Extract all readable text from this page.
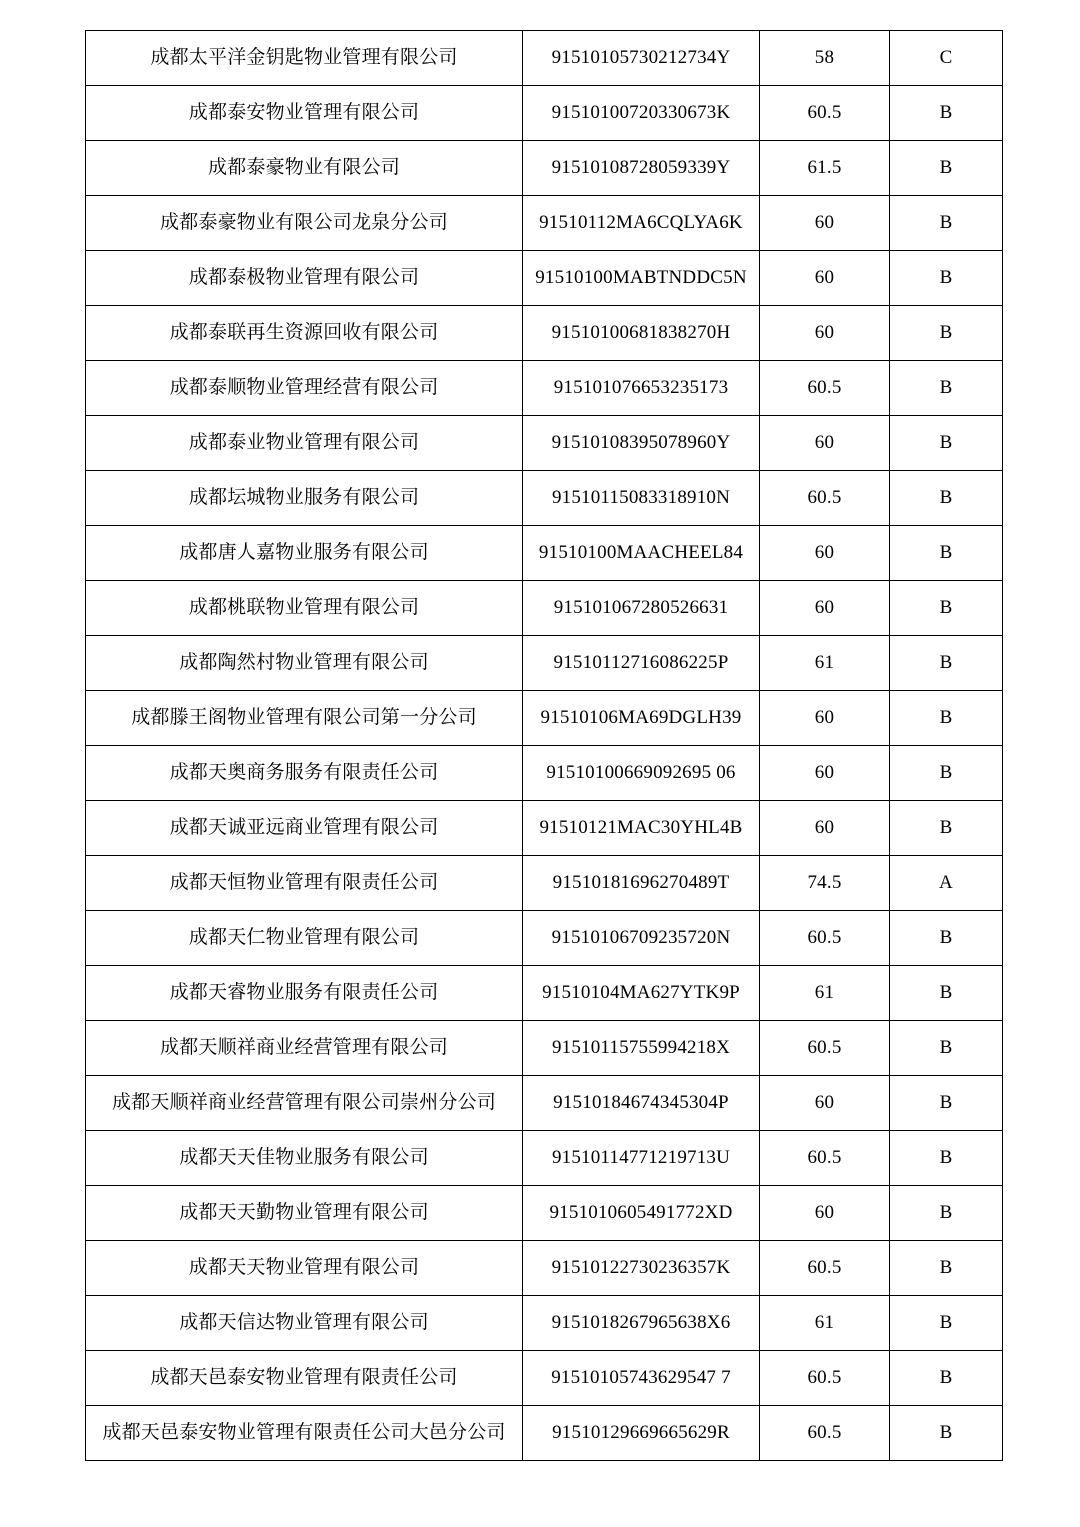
成都太平洋金钥匙物业管理有限公司	91510105730212734Y	58	C
成都泰安物业管理有限公司	91510100720330673K	60.5	B
成都泰豪物业有限公司	91510108728059339Y	61.5	B
成都泰豪物业有限公司龙泉分公司	91510112MA6CQLYA6K	60	B
成都泰极物业管理有限公司	91510100MABTNDDC5N	60	B
成都泰联再生资源回收有限公司	91510100681838270H	60	B
成都泰顺物业管理经营有限公司	915101076653235173	60.5	B
成都泰业物业管理有限公司	91510108395078960Y	60	B
成都坛城物业服务有限公司	91510115083318910N	60.5	B
成都唐人嘉物业服务有限公司	91510100MAACHEEL84	60	B
成都桃联物业管理有限公司	915101067280526631	60	B
成都陶然村物业管理有限公司	91510112716086225P	61	B
成都滕王阁物业管理有限公司第一分公司	91510106MA69DGLH39	60	B
成都天奥商务服务有限责任公司	91510100669092695 06	60	B
成都天诚亚远商业管理有限公司	91510121MAC30YHL4B	60	B
成都天恒物业管理有限责任公司	91510181696270489T	74.5	A
成都天仁物业管理有限公司	91510106709235720N	60.5	B
成都天睿物业服务有限责任公司	91510104MA627YTK9P	61	B
成都天顺祥商业经营管理有限公司	91510115755994218X	60.5	B
成都天顺祥商业经营管理有限公司崇州分公司	91510184674345304P	60	B
成都天天佳物业服务有限公司	91510114771219713U	60.5	B
成都天天勤物业管理有限公司	9151010605491772XD	60	B
成都天天物业管理有限公司	91510122730236357K	60.5	B
成都天信达物业管理有限公司	9151018267965638X6	61	B
成都天邑泰安物业管理有限责任公司	91510105743629547 7	60.5	B
成都天邑泰安物业管理有限责任公司大邑分公司	91510129669665629R	60.5	B
